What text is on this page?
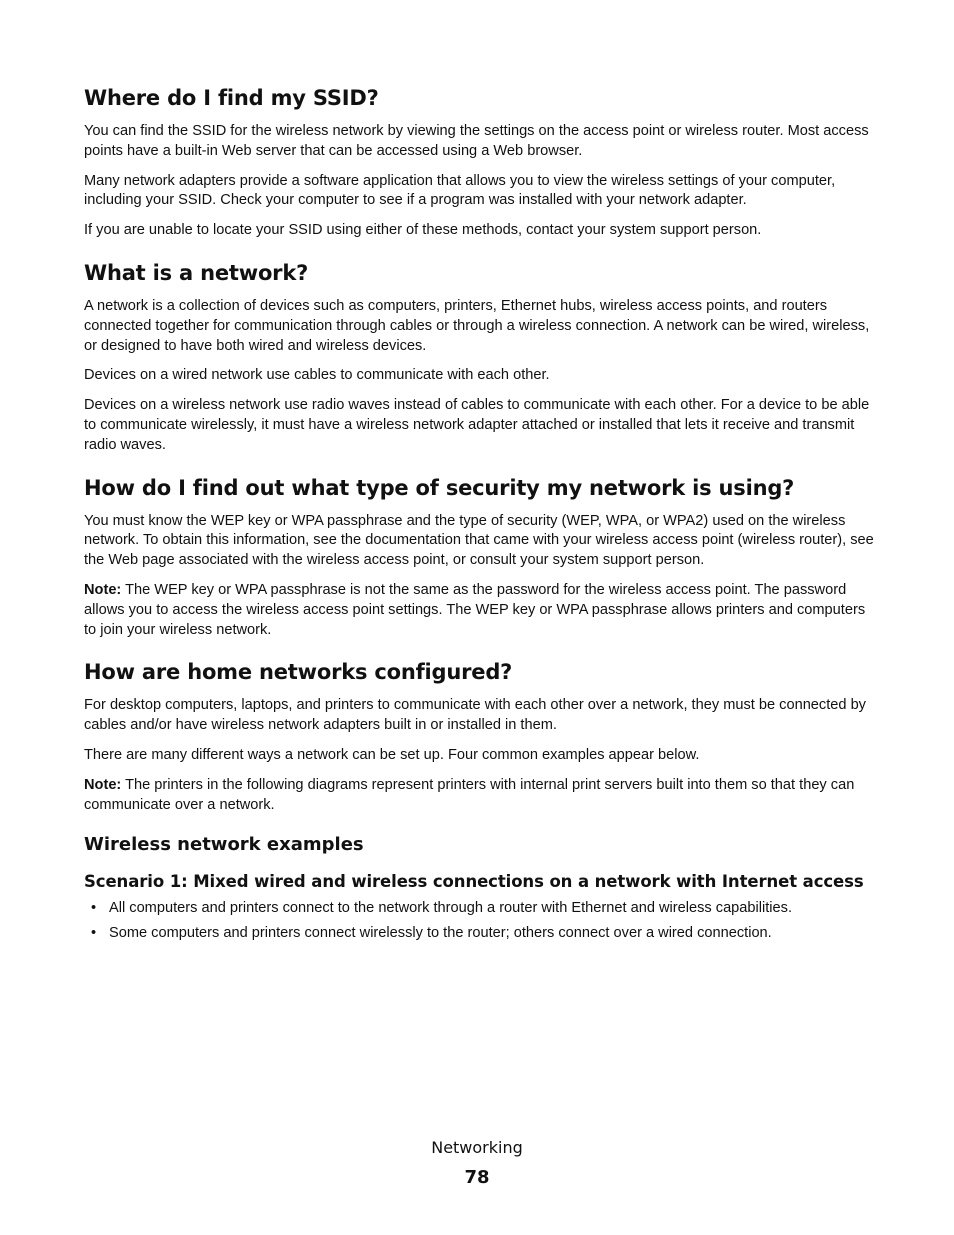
Where do I find my SSID?

You can find the SSID for the wireless network by viewing the settings on the access point or wireless router. Most access points have a built-in Web server that can be accessed using a Web browser.

Many network adapters provide a software application that allows you to view the wireless settings of your computer, including your SSID. Check your computer to see if a program was installed with your network adapter.

If you are unable to locate your SSID using either of these methods, contact your system support person.

What is a network?

A network is a collection of devices such as computers, printers, Ethernet hubs, wireless access points, and routers connected together for communication through cables or through a wireless connection. A network can be wired, wireless, or designed to have both wired and wireless devices.

Devices on a wired network use cables to communicate with each other.

Devices on a wireless network use radio waves instead of cables to communicate with each other. For a device to be able to communicate wirelessly, it must have a wireless network adapter attached or installed that lets it receive and transmit radio waves.

How do I find out what type of security my network is using?

You must know the WEP key or WPA passphrase and the type of security (WEP, WPA, or WPA2) used on the wireless network. To obtain this information, see the documentation that came with your wireless access point (wireless router), see the Web page associated with the wireless access point, or consult your system support person.

Note: The WEP key or WPA passphrase is not the same as the password for the wireless access point. The password allows you to access the wireless access point settings. The WEP key or WPA passphrase allows printers and computers to join your wireless network.

How are home networks configured?

For desktop computers, laptops, and printers to communicate with each other over a network, they must be connected by cables and/or have wireless network adapters built in or installed in them.

There are many different ways a network can be set up. Four common examples appear below.

Note: The printers in the following diagrams represent printers with internal print servers built into them so that they can communicate over a network.

Wireless network examples
Scenario 1: Mixed wired and wireless connections on a network with Internet access
• All computers and printers connect to the network through a router with Ethernet and wireless capabilities.
• Some computers and printers connect wirelessly to the router; others connect over a wired connection.
Networking
78
